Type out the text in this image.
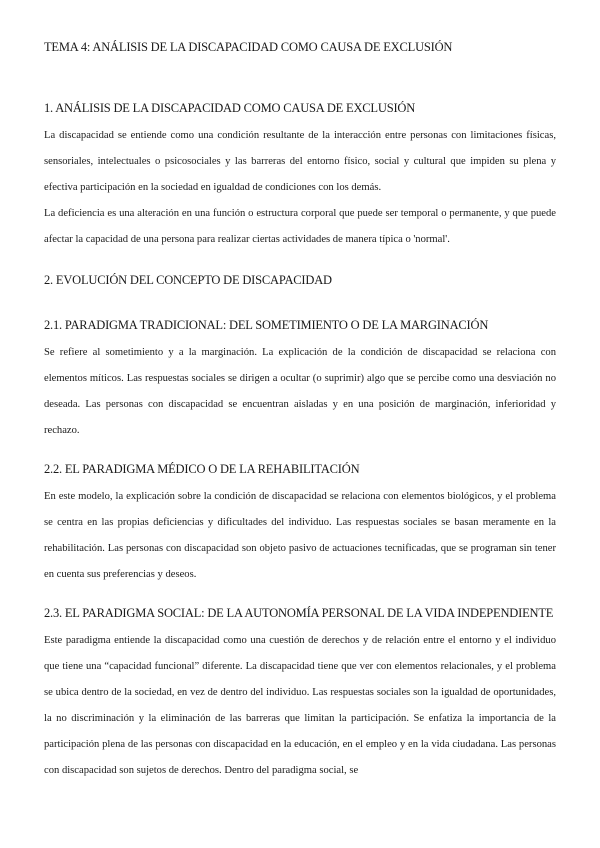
TEMA 4: ANÁLISIS DE LA DISCAPACIDAD COMO CAUSA DE EXCLUSIÓN
1. ANÁLISIS DE LA DISCAPACIDAD COMO CAUSA DE EXCLUSIÓN

La discapacidad se entiende como una condición resultante de la interacción entre personas con limitaciones físicas, sensoriales, intelectuales o psicosociales y las barreras del entorno físico, social y cultural que impiden su plena y efectiva participación en la sociedad en igualdad de condiciones con los demás.

La deficiencia es una alteración en una función o estructura corporal que puede ser temporal o permanente, y que puede afectar la capacidad de una persona para realizar ciertas actividades de manera típica o 'normal'.

2. EVOLUCIÓN DEL CONCEPTO DE DISCAPACIDAD
2.1. PARADIGMA TRADICIONAL: DEL SOMETIMIENTO O DE LA MARGINACIÓN

Se refiere al sometimiento y a la marginación. La explicación de la condición de discapacidad se relaciona con elementos míticos. Las respuestas sociales se dirigen a ocultar (o suprimir) algo que se percibe como una desviación no deseada. Las personas con discapacidad se encuentran aisladas y en una posición de marginación, inferioridad y rechazo.

2.2. EL PARADIGMA MÉDICO O DE LA REHABILITACIÓN

En este modelo, la explicación sobre la condición de discapacidad se relaciona con elementos biológicos, y el problema se centra en las propias deficiencias y dificultades del individuo. Las respuestas sociales se basan meramente en la rehabilitación. Las personas con discapacidad son objeto pasivo de actuaciones tecnificadas, que se programan sin tener en cuenta sus preferencias y deseos.

2.3. EL PARADIGMA SOCIAL: DE LA AUTONOMÍA PERSONAL DE LA VIDA INDEPENDIENTE

Este paradigma entiende la discapacidad como una cuestión de derechos y de relación entre el entorno y el individuo que tiene una “capacidad funcional” diferente. La discapacidad tiene que ver con elementos relacionales, y el problema se ubica dentro de la sociedad, en vez de dentro del individuo. Las respuestas sociales son la igualdad de oportunidades, la no discriminación y la eliminación de las barreras que limitan la participación. Se enfatiza la importancia de la participación plena de las personas con discapacidad en la educación, en el empleo y en la vida ciudadana. Las personas con discapacidad son sujetos de derechos. Dentro del paradigma social, se
